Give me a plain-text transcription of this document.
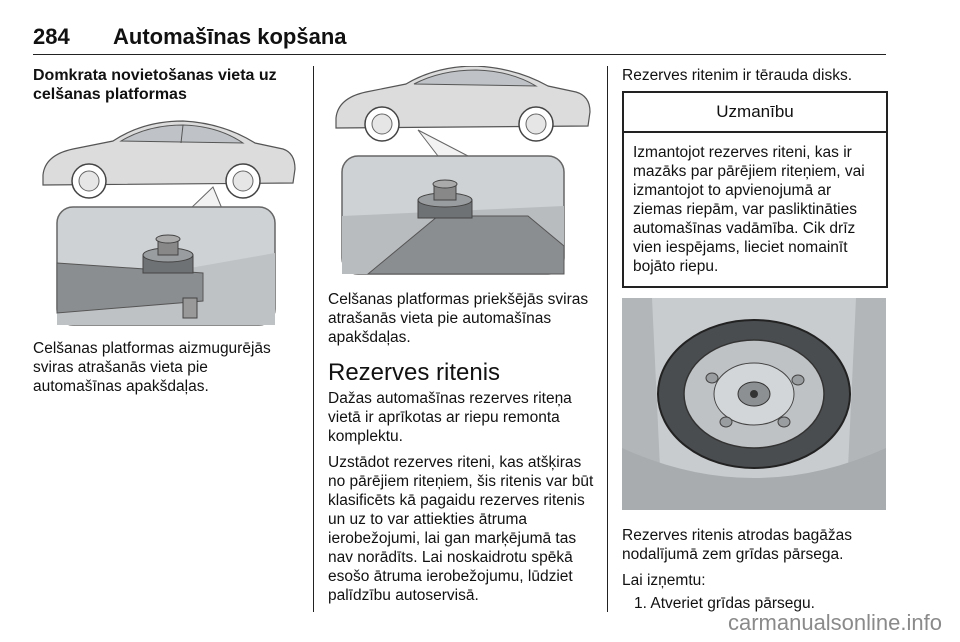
284 Automašīnas kopšana
Domkrata novietošanas vieta uz celšanas platformas

Celšanas platformas aizmugurējās sviras atrašanās vieta pie automašīnas apakšdaļas.

Celšanas platformas priekšējās sviras atrašanās vieta pie automašīnas apakšdaļas.

Rezerves ritenis

Dažas automašīnas rezerves riteņa vietā ir aprīkotas ar riepu remonta komplektu.

Uzstādot rezerves riteni, kas atšķiras no pārējiem riteņiem, šis ritenis var būt klasificēts kā pagaidu rezerves ritenis un uz to var attiekties ātruma ierobežojumi, lai gan marķējumā tas nav norādīts. Lai noskaidrotu spēkā esošo ātruma ierobežojumu, lūdziet palīdzību autoservisā.

Rezerves ritenim ir tērauda disks.

Uzmanību
Izmantojot rezerves riteni, kas ir mazāks par pārējiem riteņiem, vai izmantojot to apvienojumā ar ziemas riepām, var pasliktināties automašīnas vadāmība. Cik drīz vien iespējams, lieciet nomainīt bojāto riepu.

Rezerves ritenis atrodas bagāžas nodalījumā zem grīdas pārsega.

Lai izņemtu:

1. Atveriet grīdas pārsegu.
carmanualsonline.info
